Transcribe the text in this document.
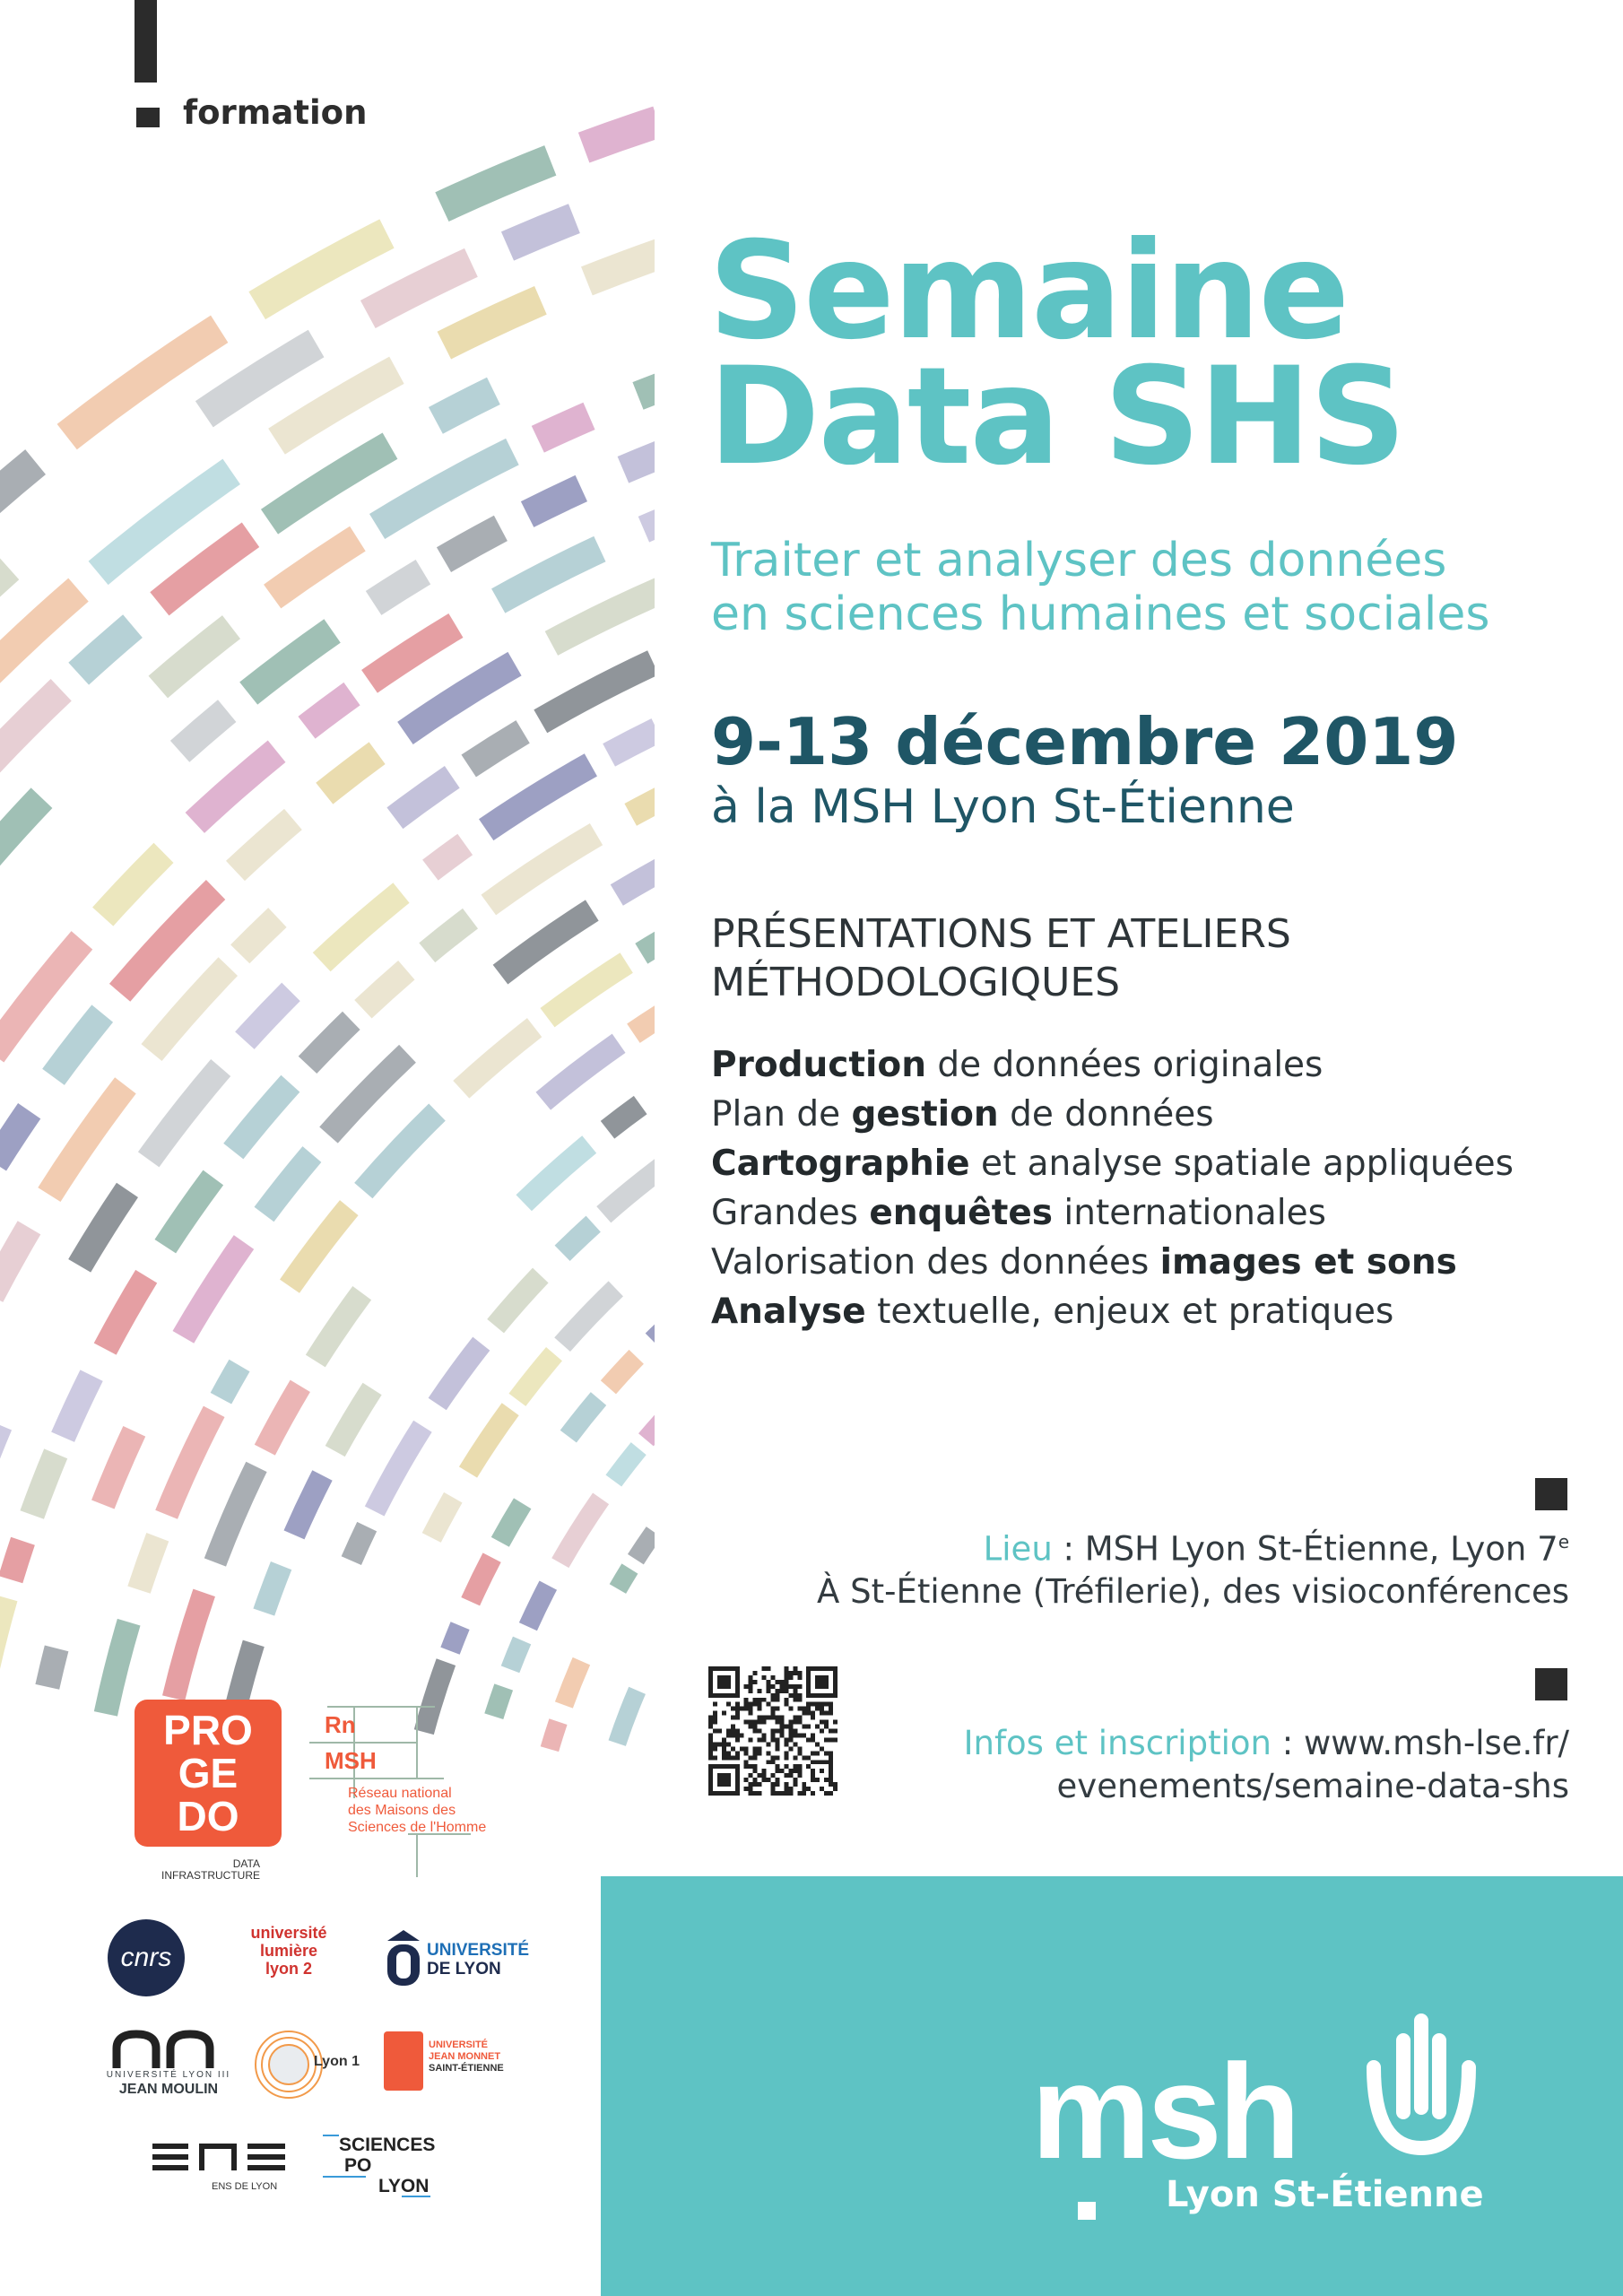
formation
Semaine
Data SHS
Traiter et analyser des données
en sciences humaines et sociales
9-13 décembre 2019
à la MSH Lyon St-Étienne
PRÉSENTATIONS ET ATELIERS
MÉTHODOLOGIQUES
Production de données originales
Plan de gestion de données
Cartographie et analyse spatiale appliquées
Grandes enquêtes internationales
Valorisation des données images et sons
Analyse textuelle, enjeux et pratiques
Lieu : MSH Lyon St-Étienne, Lyon 7e
À St-Étienne (Tréfilerie), des visioconférences
Infos et inscription : www.msh-lse.fr/
evenements/semaine-data-shs
PRO
GE
DO
DATA
INFRASTRUCTURE
Rn
MSH
Réseau national
des Maisons des
Sciences de l'Homme
cnrs
université
lumière
lyon 2
UNIVERSITÉ
DE LYON
UNIVERSITÉ LYON III
JEAN MOULIN
Lyon 1
UNIVERSITÉ
JEAN MONNET
SAINT-ÉTIENNE
ENS DE LYON
SCIENCES
PO
LYON	msh
Lyon St-Étienne
